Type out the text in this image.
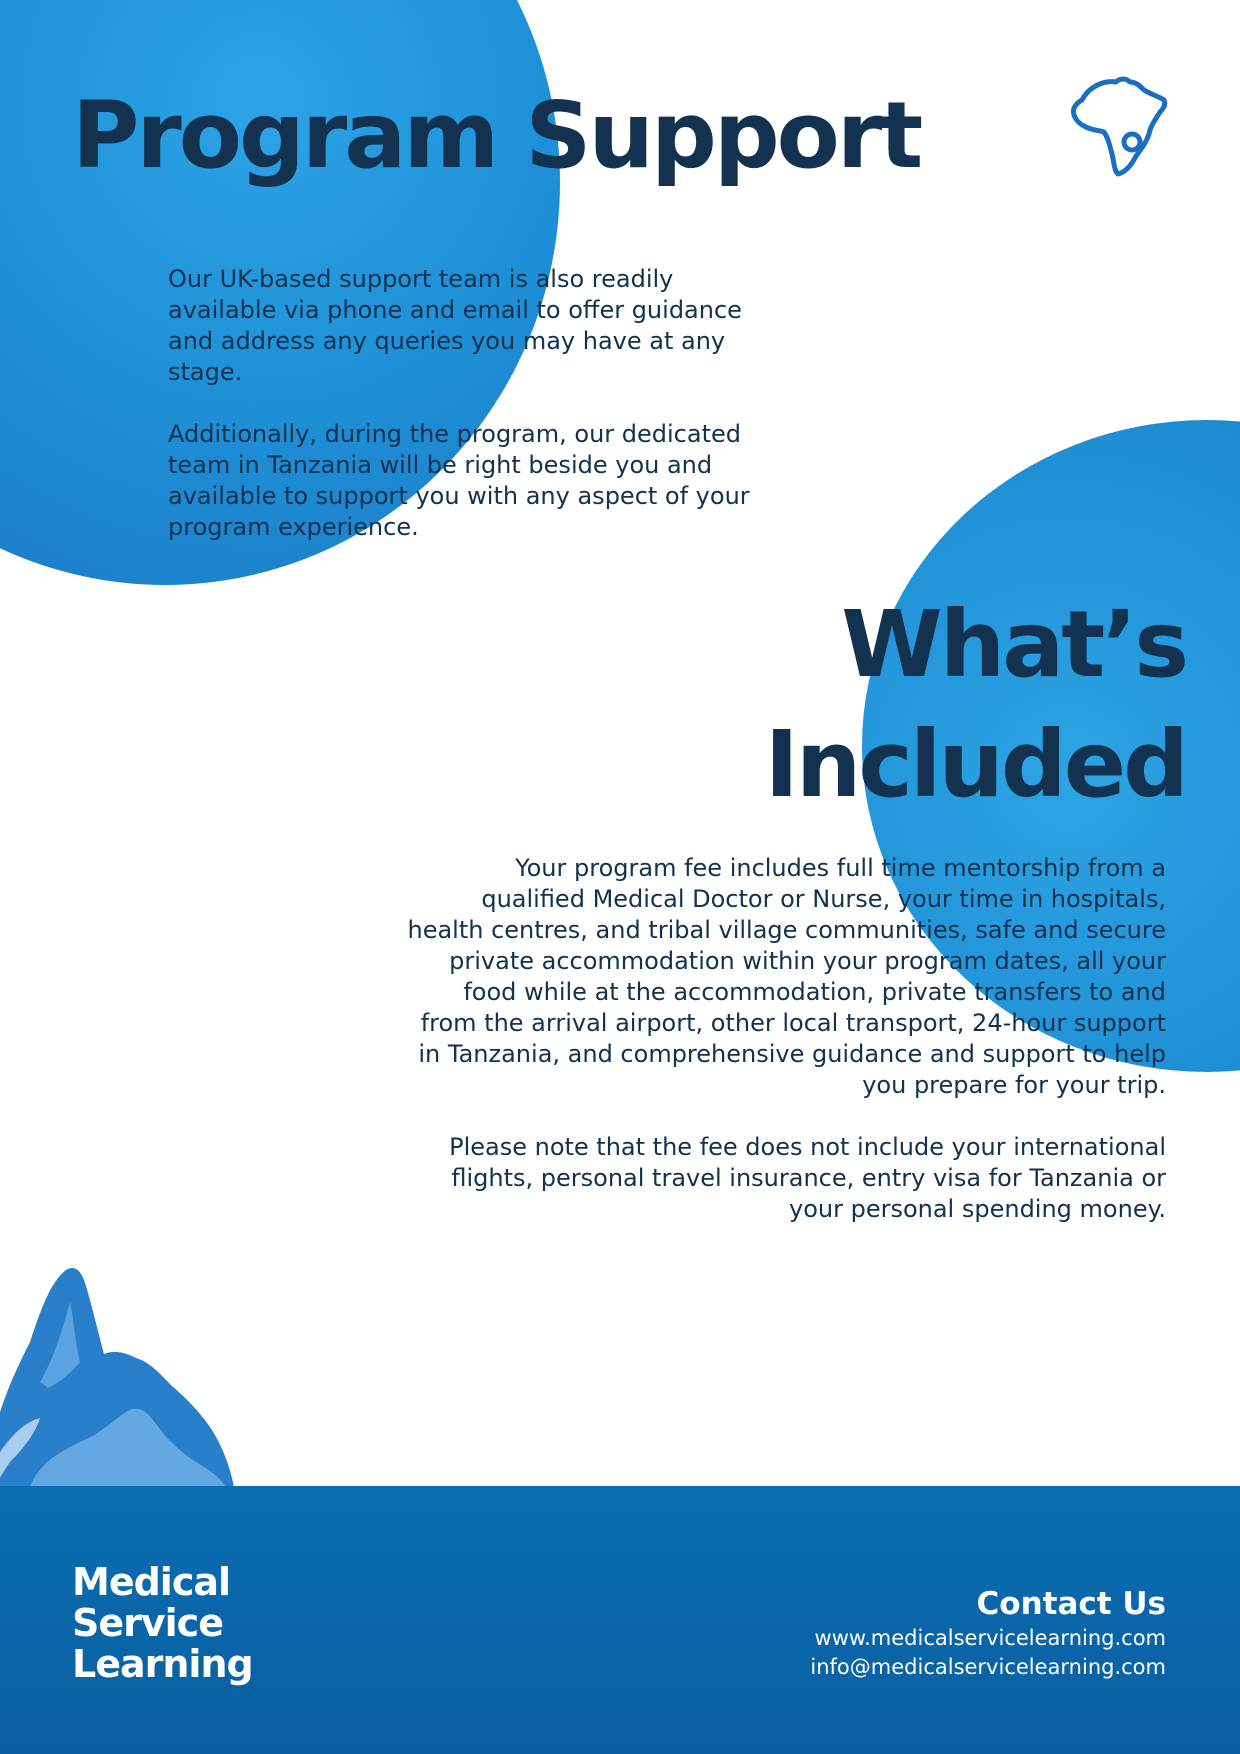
Program Support

Our UK-based support team is also readily available via phone and email to offer guidance and address any queries you may have at any stage.

Additionally, during the program, our dedicated team in Tanzania will be right beside you and available to support you with any aspect of your program experience.

What’s
Included

Your program fee includes full time mentorship from a qualified Medical Doctor or Nurse, your time in hospitals, health centres, and tribal village communities, safe and secure private accommodation within your program dates, all your food while at the accommodation, private transfers to and from the arrival airport, other local transport, 24-hour support in Tanzania, and comprehensive guidance and support to help you prepare for your trip.

Please note that the fee does not include your international flights, personal travel insurance, entry visa for Tanzania or your personal spending money.

Medical
Service
Learning
Contact Us
www.medicalservicelearning.com
info@medicalservicelearning.com
